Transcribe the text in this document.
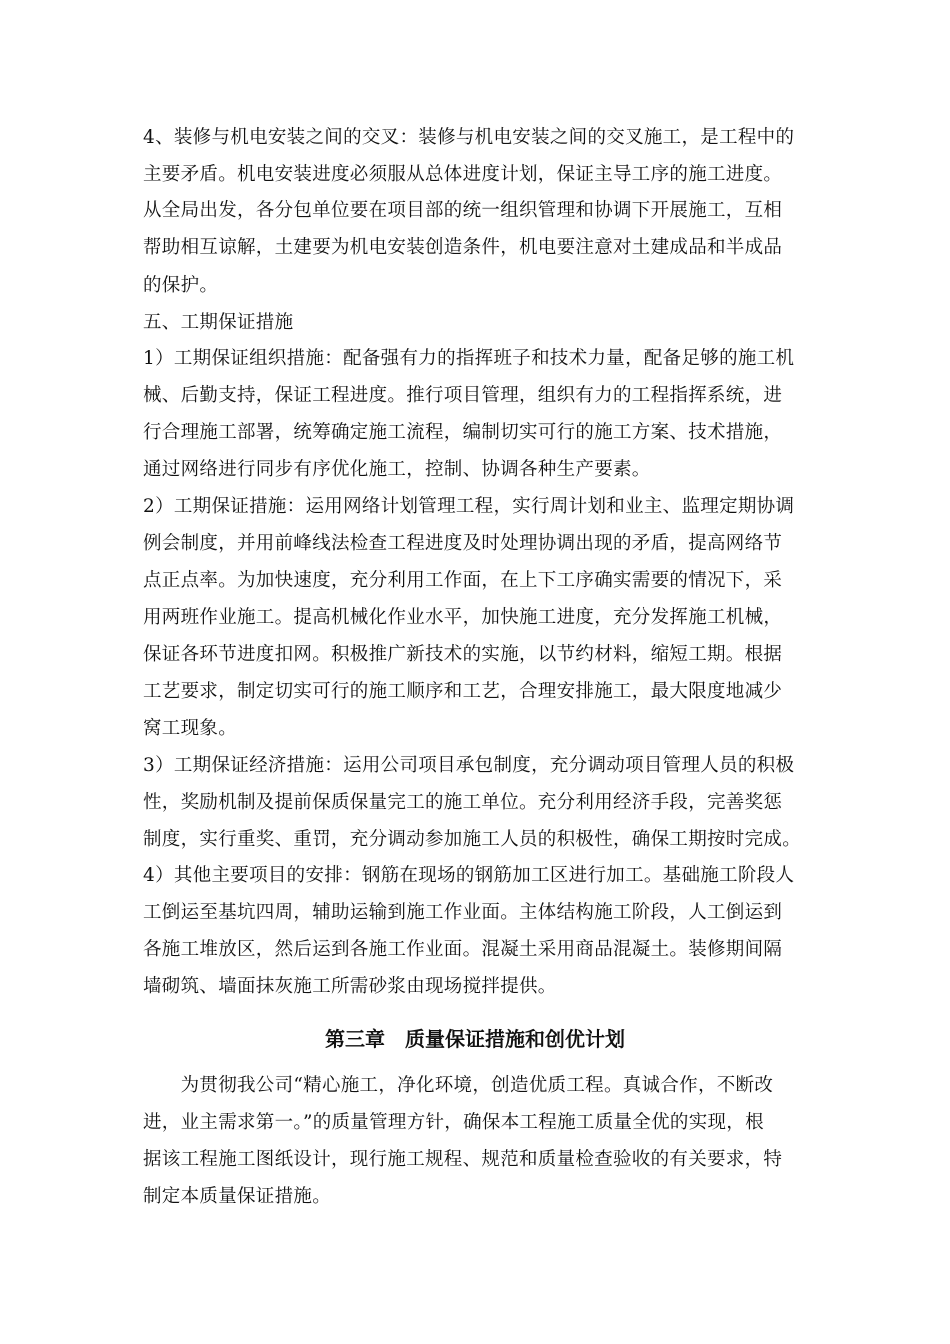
4、装修与机电安装之间的交叉：装修与机电安装之间的交叉施工，是工程中的
主要矛盾。机电安装进度必须服从总体进度计划，保证主导工序的施工进度。
从全局出发，各分包单位要在项目部的统一组织管理和协调下开展施工，互相
帮助相互谅解，土建要为机电安装创造条件，机电要注意对土建成品和半成品
的保护。
五、工期保证措施
1）工期保证组织措施：配备强有力的指挥班子和技术力量，配备足够的施工机
械、后勤支持，保证工程进度。推行项目管理，组织有力的工程指挥系统，进
行合理施工部署，统筹确定施工流程，编制切实可行的施工方案、技术措施，
通过网络进行同步有序优化施工，控制、协调各种生产要素。
2）工期保证措施：运用网络计划管理工程，实行周计划和业主、监理定期协调
例会制度，并用前峰线法检查工程进度及时处理协调出现的矛盾，提高网络节
点正点率。为加快速度，充分利用工作面，在上下工序确实需要的情况下，采
用两班作业施工。提高机械化作业水平，加快施工进度，充分发挥施工机械，
保证各环节进度扣网。积极推广新技术的实施，以节约材料，缩短工期。根据
工艺要求，制定切实可行的施工顺序和工艺，合理安排施工，最大限度地减少
窝工现象。
3）工期保证经济措施：运用公司项目承包制度，充分调动项目管理人员的积极
性，奖励机制及提前保质保量完工的施工单位。充分利用经济手段，完善奖惩
制度，实行重奖、重罚，充分调动参加施工人员的积极性，确保工期按时完成。
4）其他主要项目的安排：钢筋在现场的钢筋加工区进行加工。基础施工阶段人
工倒运至基坑四周，辅助运输到施工作业面。主体结构施工阶段，人工倒运到
各施工堆放区，然后运到各施工作业面。混凝土采用商品混凝土。装修期间隔
墙砌筑、墙面抹灰施工所需砂浆由现场搅拌提供。
第三章　质量保证措施和创优计划
　　为贯彻我公司“精心施工，净化环境，创造优质工程。真诚合作，不断改
进，业主需求第一。”的质量管理方针，确保本工程施工质量全优的实现，根
据该工程施工图纸设计，现行施工规程、规范和质量检查验收的有关要求，特
制定本质量保证措施。
